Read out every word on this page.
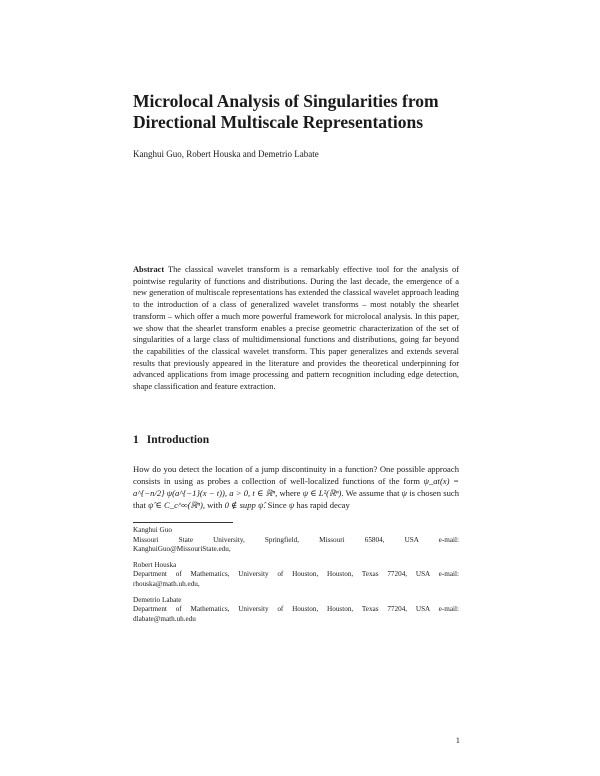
Microlocal Analysis of Singularities from Directional Multiscale Representations
Kanghui Guo, Robert Houska and Demetrio Labate

Abstract The classical wavelet transform is a remarkably effective tool for the analysis of pointwise regularity of functions and distributions. During the last decade, the emergence of a new generation of multiscale representations has extended the classical wavelet approach leading to the introduction of a class of generalized wavelet transforms – most notably the shearlet transform – which offer a much more powerful framework for microlocal analysis. In this paper, we show that the shearlet transform enables a precise geometric characterization of the set of singularities of a large class of multidimensional functions and distributions, going far beyond the capabilities of the classical wavelet transform. This paper generalizes and extends several results that previously appeared in the literature and provides the theoretical underpinning for advanced applications from image processing and pattern recognition including edge detection, shape classification and feature extraction.

1 Introduction

How do you detect the location of a jump discontinuity in a function? One possible approach consists in using as probes a collection of well-localized functions of the form ψ_at(x) = a^{−n/2} ψ(a^{−1}(x − t)), a > 0, t ∈ ℝⁿ, where ψ ∈ L²(ℝⁿ). We assume that ψ is chosen such that ψ̂ ∈ C_c^∞(ℝⁿ), with 0 ∉ supp ψ̂. Since ψ has rapid decay

Kanghui Guo
Missouri State University, Springfield, Missouri 65804, USA e-mail:
KanghuiGuo@MissouriState.edu,
Robert Houska
Department of Mathematics, University of Houston, Houston, Texas 77204, USA e-mail:
rhouska@math.uh.edu,
Demetrio Labate
Department of Mathematics, University of Houston, Houston, Texas 77204, USA e-mail:
dlabate@math.uh.edu
1
